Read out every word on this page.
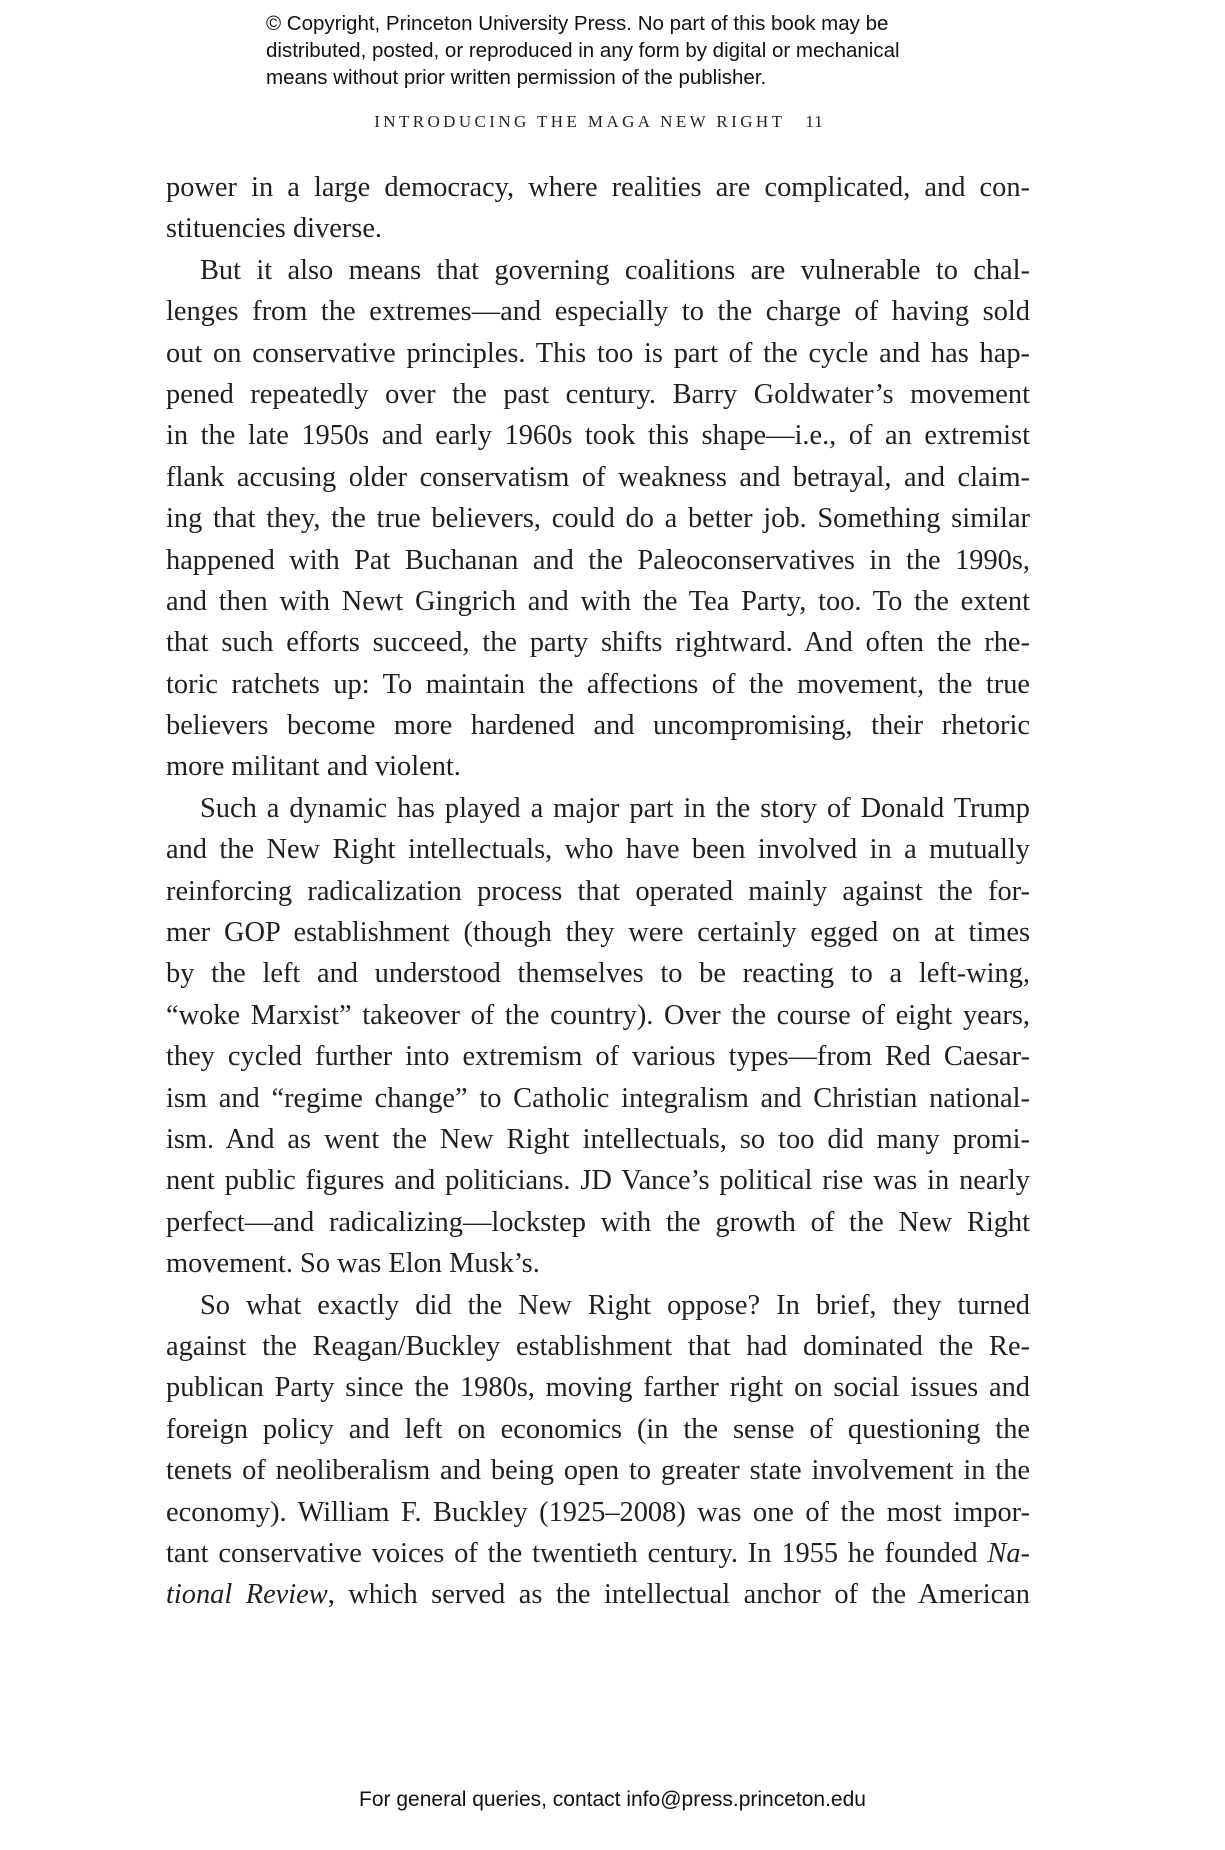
© Copyright, Princeton University Press. No part of this book may be
distributed, posted, or reproduced in any form by digital or mechanical
means without prior written permission of the publisher.
INTRODUCING THE MAGA NEW RIGHT 11
power in a large democracy, where realities are complicated, and con-
stituencies diverse.
But it also means that governing coalitions are vulnerable to chal-
lenges from the extremes—and especially to the charge of having sold
out on conservative principles. This too is part of the cycle and has hap-
pened repeatedly over the past century. Barry Goldwater’s movement
in the late 1950s and early 1960s took this shape—i.e., of an extremist
flank accusing older conservatism of weakness and betrayal, and claim-
ing that they, the true believers, could do a better job. Something similar
happened with Pat Buchanan and the Paleoconservatives in the 1990s,
and then with Newt Gingrich and with the Tea Party, too. To the extent
that such efforts succeed, the party shifts rightward. And often the rhe-
toric ratchets up: To maintain the affections of the movement, the true
believers become more hardened and uncompromising, their rhetoric
more militant and violent.
Such a dynamic has played a major part in the story of Donald Trump
and the New Right intellectuals, who have been involved in a mutually
reinforcing radicalization process that operated mainly against the for-
mer GOP establishment (though they were certainly egged on at times
by the left and understood themselves to be reacting to a left-wing,
“woke Marxist” takeover of the country). Over the course of eight years,
they cycled further into extremism of various types—from Red Caesar-
ism and “regime change” to Catholic integralism and Christian national-
ism. And as went the New Right intellectuals, so too did many promi-
nent public figures and politicians. JD Vance’s political rise was in nearly
perfect—and radicalizing—lockstep with the growth of the New Right
movement. So was Elon Musk’s.
So what exactly did the New Right oppose? In brief, they turned
against the Reagan/Buckley establishment that had dominated the Re-
publican Party since the 1980s, moving farther right on social issues and
foreign policy and left on economics (in the sense of questioning the
tenets of neoliberalism and being open to greater state involvement in the
economy). William F. Buckley (1925–2008) was one of the most impor-
tant conservative voices of the twentieth century. In 1955 he founded Na-
tional Review, which served as the intellectual anchor of the American
For general queries, contact info@press.princeton.edu
